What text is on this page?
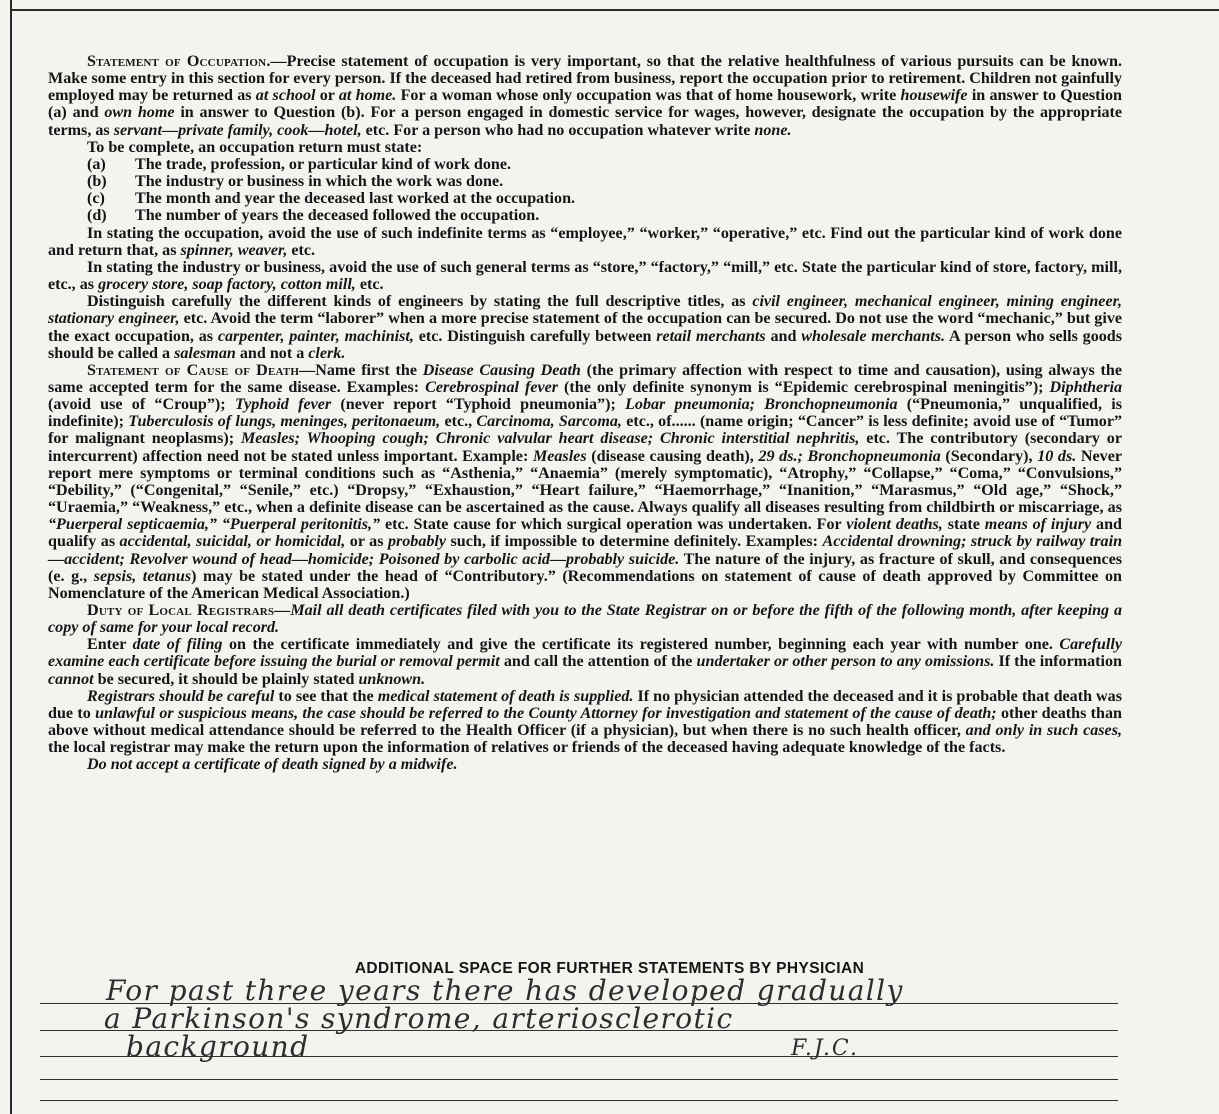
Statement of Occupation.—Precise statement of occupation is very important, so that the relative healthfulness of various pursuits can be known. Make some entry in this section for every person. If the deceased had retired from business, report the occupation prior to retirement. Children not gainfully employed may be returned as at school or at home. For a woman whose only occupation was that of home housework, write housewife in answer to Question (a) and own home in answer to Question (b). For a person engaged in domestic service for wages, however, designate the occupation by the appropriate terms, as servant—private family, cook—hotel, etc. For a person who had no occupation whatever write none.

To be complete, an occupation return must state:

(a) The trade, profession, or particular kind of work done.
(b) The industry or business in which the work was done.
(c) The month and year the deceased last worked at the occupation.
(d) The number of years the deceased followed the occupation.

In stating the occupation, avoid the use of such indefinite terms as “employee,” “worker,” “operative,” etc. Find out the particular kind of work done and return that, as spinner, weaver, etc.

In stating the industry or business, avoid the use of such general terms as “store,” “factory,” “mill,” etc. State the particular kind of store, factory, mill, etc., as grocery store, soap factory, cotton mill, etc.

Distinguish carefully the different kinds of engineers by stating the full descriptive titles, as civil engineer, mechanical engineer, mining engineer, stationary engineer, etc. Avoid the term “laborer” when a more precise statement of the occupation can be secured. Do not use the word “mechanic,” but give the exact occupation, as carpenter, painter, machinist, etc. Distinguish carefully between retail merchants and wholesale merchants. A person who sells goods should be called a salesman and not a clerk.

Statement of Cause of Death—Name first the Disease Causing Death (the primary affection with respect to time and causation), using always the same accepted term for the same disease. Examples: Cerebrospinal fever (the only definite synonym is “Epidemic cerebrospinal meningitis”); Diphtheria (avoid use of “Croup”); Typhoid fever (never report “Typhoid pneumonia”); Lobar pneumonia; Bronchopneumonia (“Pneumonia,” unqualified, is indefinite); Tuberculosis of lungs, meninges, peritonaeum, etc., Carcinoma, Sarcoma, etc., of...... (name origin; “Cancer” is less definite; avoid use of “Tumor” for malignant neoplasms); Measles; Whooping cough; Chronic valvular heart disease; Chronic interstitial nephritis, etc. The contributory (secondary or intercurrent) affection need not be stated unless important. Example: Measles (disease causing death), 29 ds.; Bronchopneumonia (Secondary), 10 ds. Never report mere symptoms or terminal conditions such as “Asthenia,” “Anaemia” (merely symptomatic), “Atrophy,” “Collapse,” “Coma,” “Convulsions,” “Debility,” (“Congenital,” “Senile,” etc.) “Dropsy,” “Exhaustion,” “Heart failure,” “Haemorrhage,” “Inanition,” “Marasmus,” “Old age,” “Shock,” “Uraemia,” “Weakness,” etc., when a definite disease can be ascertained as the cause. Always qualify all diseases resulting from childbirth or miscarriage, as “Puerperal septicaemia,” “Puerperal peritonitis,” etc. State cause for which surgical operation was undertaken. For violent deaths, state means of injury and qualify as accidental, suicidal, or homicidal, or as probably such, if impossible to determine definitely. Examples: Accidental drowning; struck by railway train—accident; Revolver wound of head—homicide; Poisoned by carbolic acid—probably suicide. The nature of the injury, as fracture of skull, and consequences (e. g., sepsis, tetanus) may be stated under the head of “Contributory.” (Recommendations on statement of cause of death approved by Committee on Nomenclature of the American Medical Association.)

Duty of Local Registrars—Mail all death certificates filed with you to the State Registrar on or before the fifth of the following month, after keeping a copy of same for your local record.

Enter date of filing on the certificate immediately and give the certificate its registered number, beginning each year with number one. Carefully examine each certificate before issuing the burial or removal permit and call the attention of the undertaker or other person to any omissions. If the information cannot be secured, it should be plainly stated unknown.

Registrars should be careful to see that the medical statement of death is supplied. If no physician attended the deceased and it is probable that death was due to unlawful or suspicious means, the case should be referred to the County Attorney for investigation and statement of the cause of death; other deaths than above without medical attendance should be referred to the Health Officer (if a physician), but when there is no such health officer, and only in such cases, the local registrar may make the return upon the information of relatives or friends of the deceased having adequate knowledge of the facts.

Do not accept a certificate of death signed by a midwife.

ADDITIONAL SPACE FOR FURTHER STATEMENTS BY PHYSICIAN
For past three years there has developed gradually
a Parkinson's syndrome, arteriosclerotic
background	F.J.C.
